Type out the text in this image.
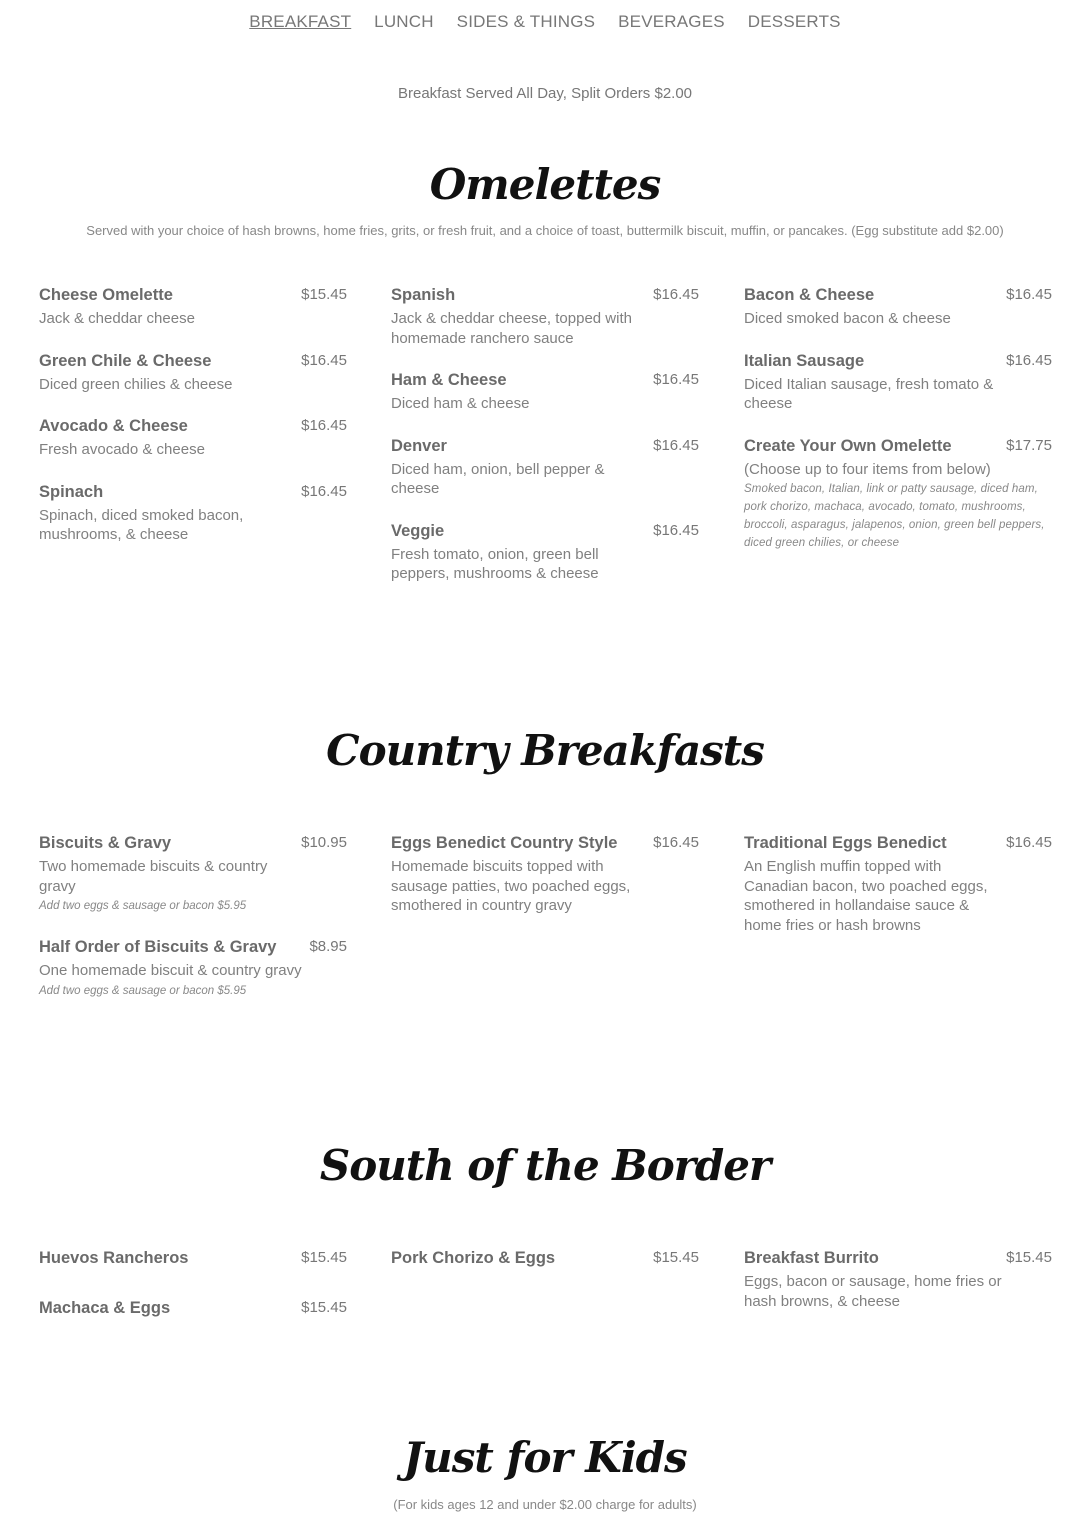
BREAKFAST LUNCH SIDES & THINGS BEVERAGES DESSERTS
Breakfast Served All Day, Split Orders $2.00
Omelettes
Served with your choice of hash browns, home fries, grits, or fresh fruit, and a choice of toast, buttermilk biscuit, muffin, or pancakes. (Egg substitute add $2.00)
Cheese Omelette	$15.45
Jack & cheddar cheese
Green Chile & Cheese	$16.45
Diced green chilies & cheese
Avocado & Cheese	$16.45
Fresh avocado & cheese
Spinach	$16.45
Spinach, diced smoked bacon, mushrooms, & cheese
Spanish	$16.45
Jack & cheddar cheese, topped with homemade ranchero sauce
Ham & Cheese	$16.45
Diced ham & cheese
Denver	$16.45
Diced ham, onion, bell pepper & cheese
Veggie	$16.45
Fresh tomato, onion, green bell peppers, mushrooms & cheese
Bacon & Cheese	$16.45
Diced smoked bacon & cheese
Italian Sausage	$16.45
Diced Italian sausage, fresh tomato & cheese
Create Your Own Omelette	$17.75
(Choose up to four items from below)
Smoked bacon, Italian, link or patty sausage, diced ham, pork chorizo, machaca, avocado, tomato, mushrooms, broccoli, asparagus, jalapenos, onion, green bell peppers, diced green chilies, or cheese
Country Breakfasts
Biscuits & Gravy	$10.95
Two homemade biscuits & country gravy
Add two eggs & sausage or bacon $5.95
Half Order of Biscuits & Gravy $8.95
One homemade biscuit & country gravy
Add two eggs & sausage or bacon $5.95
Eggs Benedict Country Style $16.45
Homemade biscuits topped with sausage patties, two poached eggs, smothered in country gravy
Traditional Eggs Benedict	$16.45
An English muffin topped with Canadian bacon, two poached eggs, smothered in hollandaise sauce & home fries or hash browns
South of the Border
Huevos Rancheros	$15.45
Machaca & Eggs	$15.45
Pork Chorizo & Eggs	$15.45	Breakfast Burrito	$15.45
Eggs, bacon or sausage, home fries or hash browns, & cheese
Just for Kids
(For kids ages 12 and under $2.00 charge for adults)
